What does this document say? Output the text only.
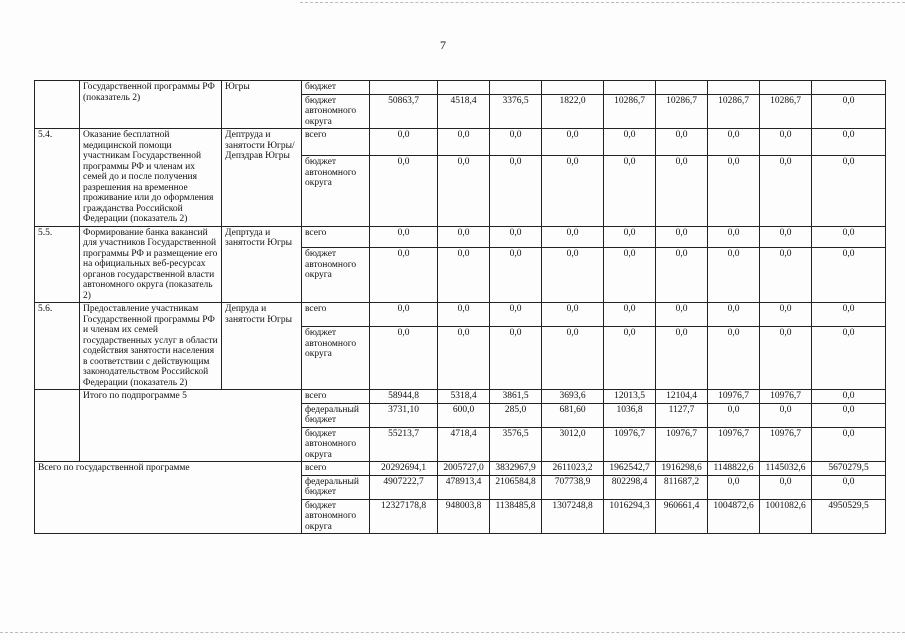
7
	Государственной программы РФ (показатель 2)	Югры	бюджет									
			бюджет автономного округа	50863,7	4518,4	3376,5	1822,0	10286,7	10286,7	10286,7	10286,7	0,0
5.4.	Оказание бесплатной медицинской помощи участникам Государственной программы РФ и членам их семей до и после получения разрешения на временное проживание или до оформления гражданства Российской Федерации (показатель 2)	Дептруда и занятости Югры/Депздрав Югры	всего	0,0	0,0	0,0	0,0	0,0	0,0	0,0	0,0	0,0
			бюджет автономного округа	0,0	0,0	0,0	0,0	0,0	0,0	0,0	0,0	0,0
5.5.	Формирование банка вакансий для участников Государственной программы РФ и размещение его на официальных веб-ресурсах органов государственной власти автономного округа (показатель 2)	Депртуда и занятости Югры	всего	0,0	0,0	0,0	0,0	0,0	0,0	0,0	0,0	0,0
			бюджет автономного округа	0,0	0,0	0,0	0,0	0,0	0,0	0,0	0,0	0,0
5.6.	Предоставление участникам Государственной программы РФ и членам их семей государственных услуг в области содействия занятости населения в соответствии с действующим законодательством Российской Федерации (показатель 2)	Депруда и занятости Югры	всего	0,0	0,0	0,0	0,0	0,0	0,0	0,0	0,0	0,0
			бюджет автономного округа	0,0	0,0	0,0	0,0	0,0	0,0	0,0	0,0	0,0
	Итого по подпрограмме 5		всего	58944,8	5318,4	3861,5	3693,6	12013,5	12104,4	10976,7	10976,7	0,0
			федеральный бюджет	3731,10	600,0	285,0	681,60	1036,8	1127,7	0,0	0,0	0,0
			бюджет автономного округа	55213,7	4718,4	3576,5	3012,0	10976,7	10976,7	10976,7	10976,7	0,0
Всего по государственной программе			всего	20292694,1	2005727,0	3832967,9	2611023,2	1962542,7	1916298,6	1148822,6	1145032,6	5670279,5
			федеральный бюджет	4907222,7	478913,4	2106584,8	707738,9	802298,4	811687,2	0,0	0,0	0,0
			бюджет автономного округа	12327178,8	948003,8	1138485,8	1307248,8	1016294,3	960661,4	1004872,6	1001082,6	4950529,5
